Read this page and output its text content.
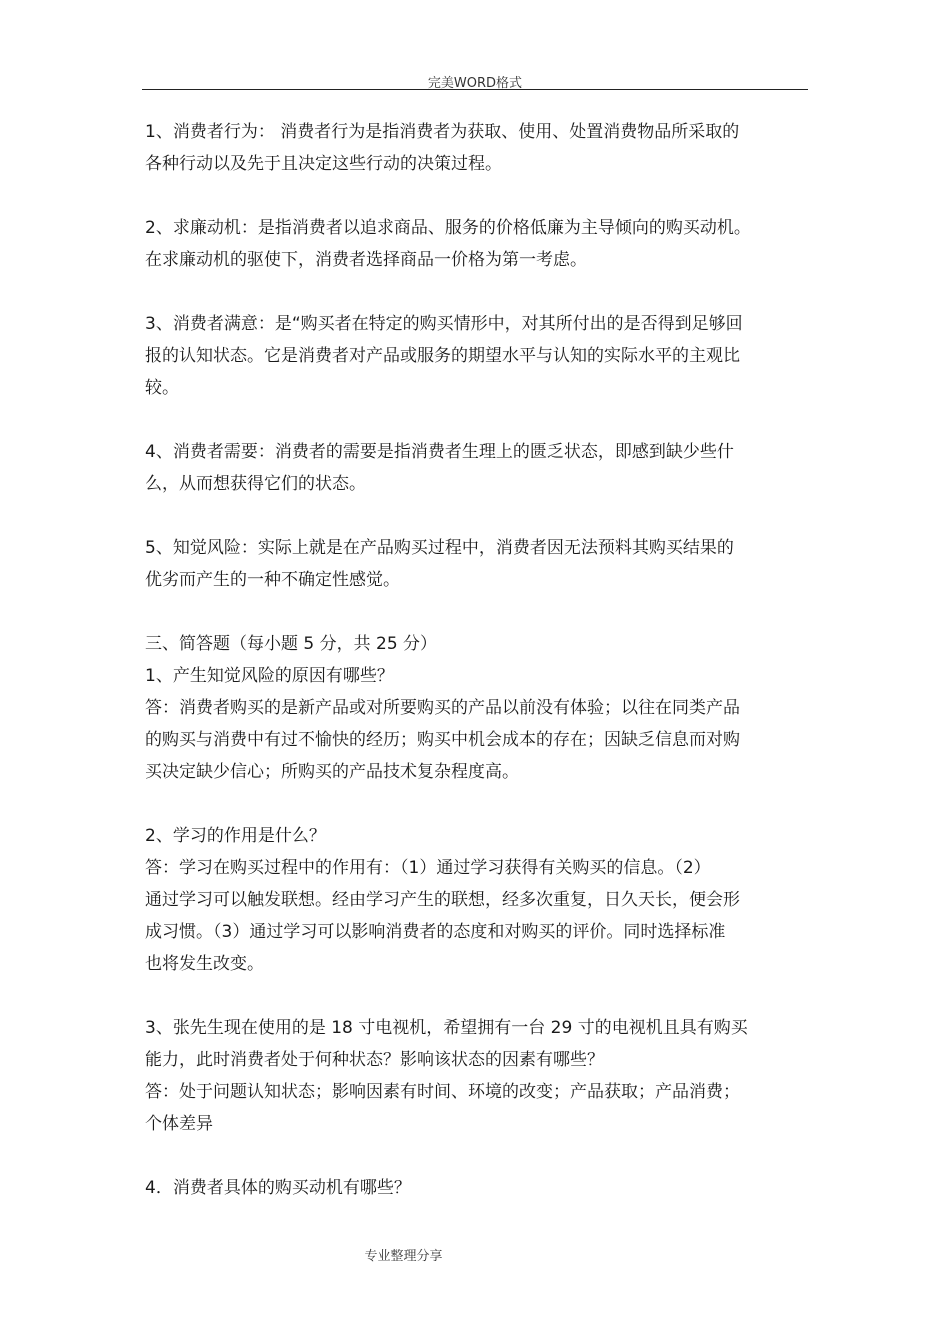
完美WORD格式
1、消费者行为： 消费者行为是指消费者为获取、使用、处置消费物品所采取的
各种行动以及先于且决定这些行动的决策过程。
2、求廉动机：是指消费者以追求商品、服务的价格低廉为主导倾向的购买动机。
在求廉动机的驱使下，消费者选择商品一价格为第一考虑。
3、消费者满意：是“购买者在特定的购买情形中，对其所付出的是否得到足够回
报的认知状态。它是消费者对产品或服务的期望水平与认知的实际水平的主观比
较。
4、消费者需要：消费者的需要是指消费者生理上的匮乏状态，即感到缺少些什
么，从而想获得它们的状态。
5、知觉风险：实际上就是在产品购买过程中，消费者因无法预料其购买结果的
优劣而产生的一种不确定性感觉。
三、简答题（每小题 5 分，共 25 分）
1、产生知觉风险的原因有哪些？
答：消费者购买的是新产品或对所要购买的产品以前没有体验；以往在同类产品
的购买与消费中有过不愉快的经历；购买中机会成本的存在；因缺乏信息而对购
买决定缺少信心；所购买的产品技术复杂程度高。
2、学习的作用是什么？
答：学习在购买过程中的作用有：（1）通过学习获得有关购买的信息。（2）
通过学习可以触发联想。经由学习产生的联想，经多次重复，日久天长，便会形
成习惯。（3）通过学习可以影响消费者的态度和对购买的评价。同时选择标准
也将发生改变。
3、张先生现在使用的是 18 寸电视机，希望拥有一台 29 寸的电视机且具有购买
能力，此时消费者处于何种状态？影响该状态的因素有哪些？
答：处于问题认知状态；影响因素有时间、环境的改变；产品获取；产品消费；
个体差异
4．消费者具体的购买动机有哪些？
专业整理分享
